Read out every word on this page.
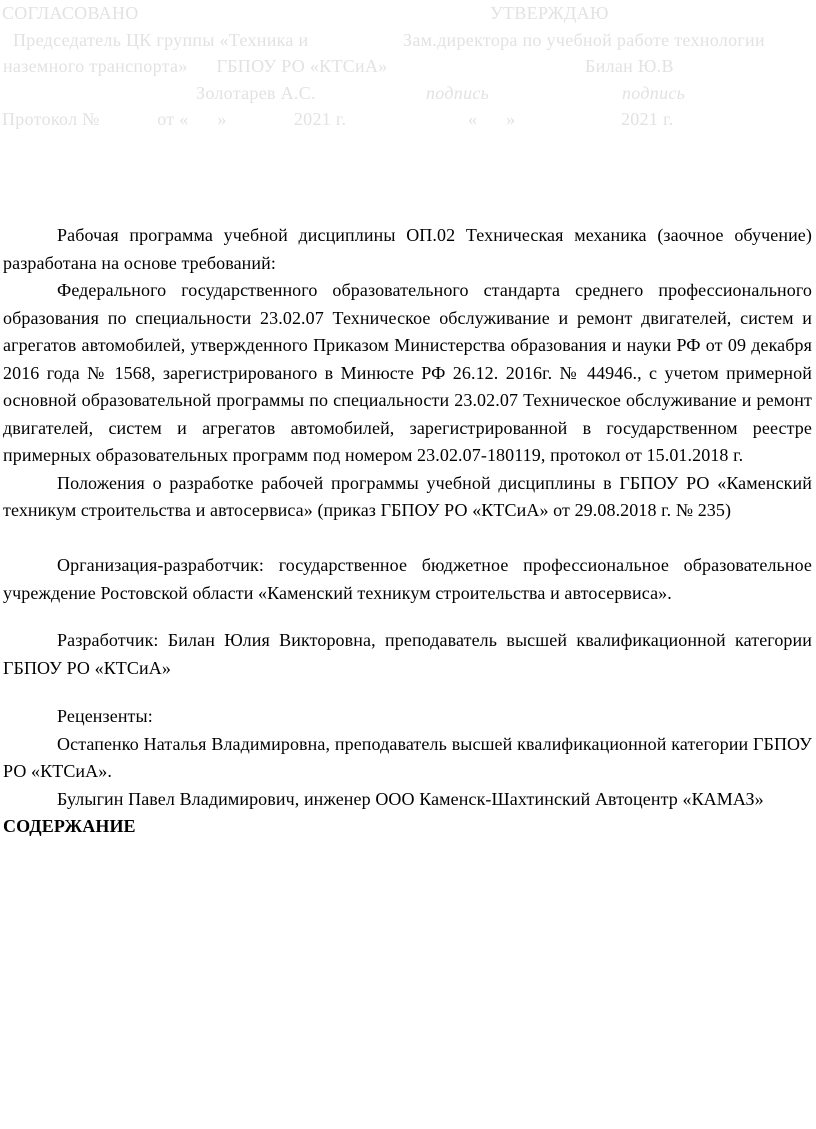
СОГЛАСОВАНО	УТВЕРЖДАЮ
Председатель ЦК группы «Техника и	Зам.директора по учебной работе технологии
наземного транспорта»      ГБПОУ РО «КТСиА»	Билан Ю.В
Золотарев А.С.	подпись	подпись
Протокол №            от «      »              2021 г.	«      »                      2021 г.

Рабочая программа учебной дисциплины ОП.02 Техническая механика (заочное обучение) разработана на основе требований:

Федерального государственного образовательного стандарта среднего профессионального образования по специальности 23.02.07 Техническое обслуживание и ремонт двигателей, систем и агрегатов автомобилей, утвержденного Приказом Министерства образования и науки РФ от 09 декабря 2016 года № 1568, зарегистрированого в Минюсте РФ 26.12. 2016г. № 44946., с учетом примерной основной образовательной программы по специальности 23.02.07 Техническое обслуживание и ремонт двигателей, систем и агрегатов автомобилей, зарегистрированной в государственном реестре примерных образовательных программ под номером 23.02.07-180119, протокол от 15.01.2018 г.

Положения о разработке рабочей программы учебной дисциплины в ГБПОУ РО «Каменский техникум строительства и автосервиса» (приказ ГБПОУ РО «КТСиА» от 29.08.2018 г. № 235)

Организация-разработчик: государственное бюджетное профессиональное образовательное учреждение Ростовской области «Каменский техникум строительства и автосервиса».

Разработчик: Билан Юлия Викторовна, преподаватель высшей квалификационной категории ГБПОУ РО «КТСиА»

Рецензенты:

Остапенко Наталья Владимировна, преподаватель высшей квалификационной категории ГБПОУ РО «КТСиА».

Булыгин Павел Владимирович, инженер ООО Каменск-Шахтинский Автоцентр «КАМАЗ»

СОДЕРЖАНИЕ
